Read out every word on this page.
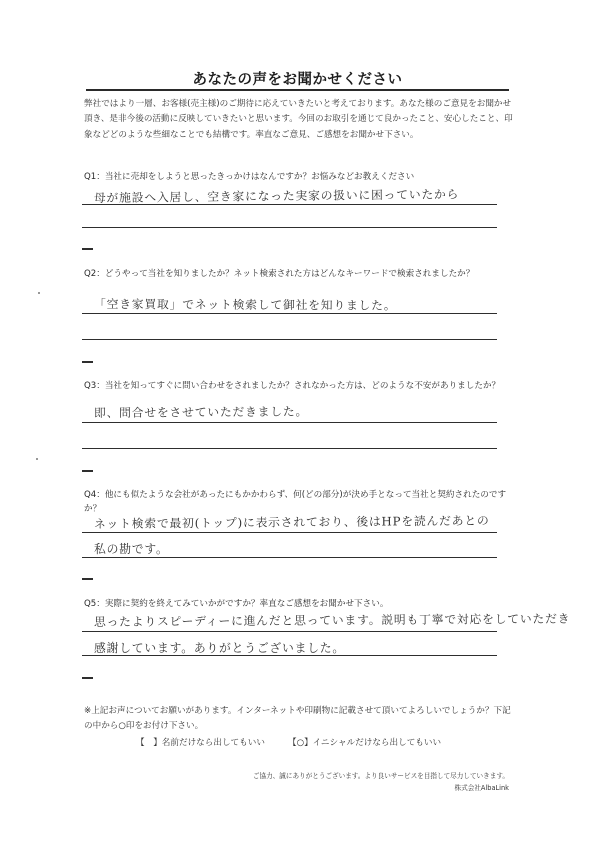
あなたの声をお聞かせください
弊社ではより一層、お客様(売主様)のご期待に応えていきたいと考えております。あなた様のご意見をお聞かせ頂き、是非今後の活動に反映していきたいと思います。今回のお取引を通じて良かったこと、安心したこと、印象などどのような些細なことでも結構です。率直なご意見、ご感想をお聞かせ下さい。
Q1：当社に売却をしようと思ったきっかけはなんですか？お悩みなどお教えください
母が施設へ入居し、空き家になった実家の扱いに困っていたから
Q2：どうやって当社を知りましたか？ネット検索された方はどんなキーワードで検索されましたか？
「空き家買取」でネット検索して御社を知りました。
Q3：当社を知ってすぐに問い合わせをされましたか？されなかった方は、どのような不安がありましたか？
即、問合せをさせていただきました。
Q4：他にも似たような会社があったにもかかわらず、何(どの部分)が決め手となって当社と契約されたのですか？
ネット検索で最初(トップ)に表示されており、後はHPを読んだあとの
私の勘です。
Q5：実際に契約を終えてみていかがですか？率直なご感想をお聞かせ下さい。
思ったよりスピーディーに進んだと思っています。説明も丁寧で対応をしていただき
感謝しています。ありがとうございました。
※上記お声についてお願いがあります。インターネットや印刷物に記載させて頂いてよろしいでしょうか？下記の中から○印をお付け下さい。
【　】名前だけなら出してもいい	【○】イニシャルだけなら出してもいい
ご協力、誠にありがとうございます。より良いサービスを目指して尽力していきます。
株式会社AlbaLink
